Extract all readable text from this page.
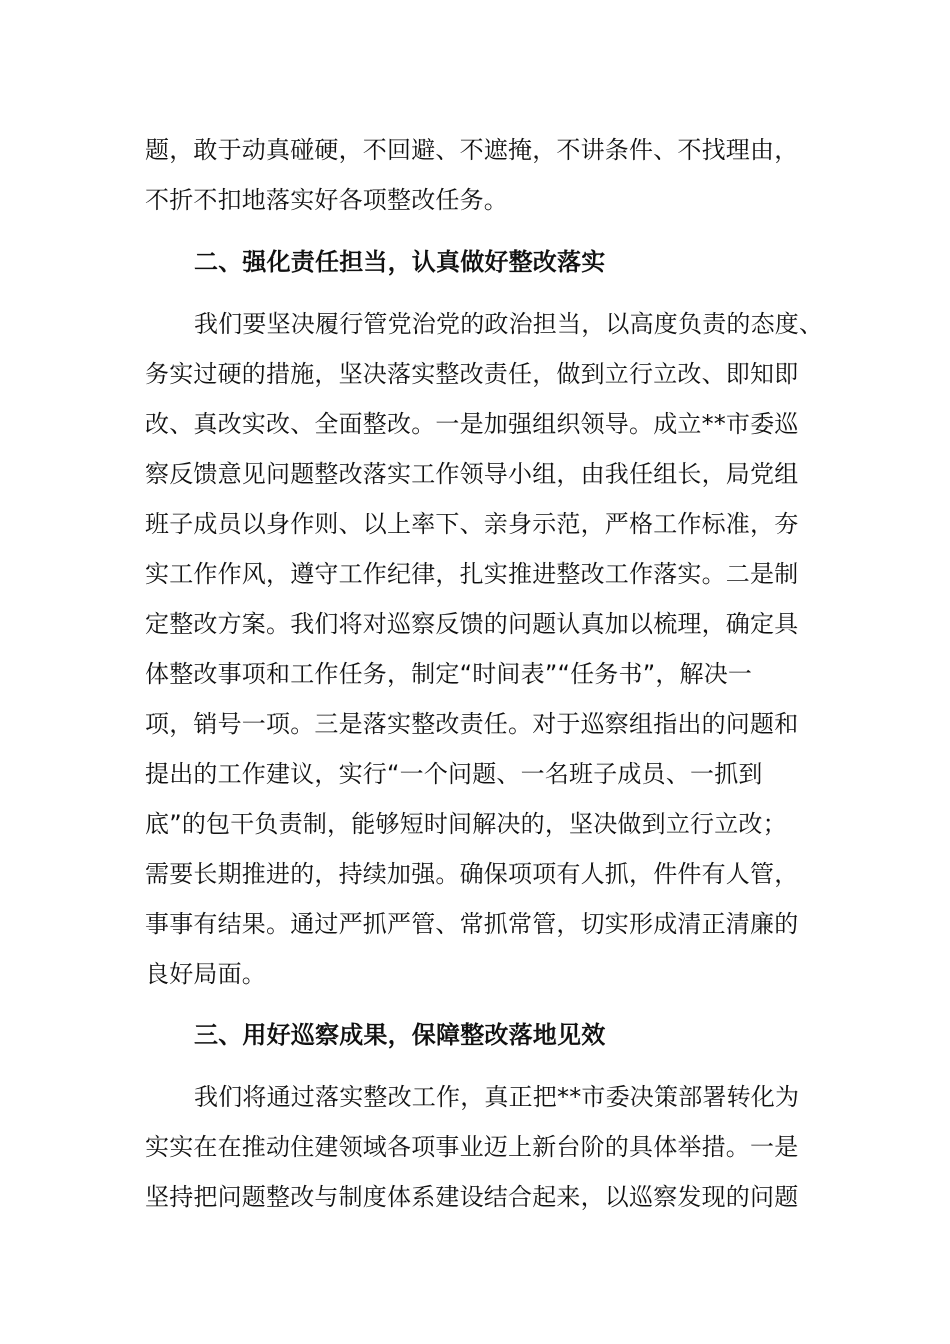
题，敢于动真碰硬，不回避、不遮掩，不讲条件、不找理由，
不折不扣地落实好各项整改任务。
二、强化责任担当，认真做好整改落实
我们要坚决履行管党治党的政治担当，以高度负责的态度、
务实过硬的措施，坚决落实整改责任，做到立行立改、即知即
改、真改实改、全面整改。一是加强组织领导。成立**市委巡
察反馈意见问题整改落实工作领导小组，由我任组长，局党组
班子成员以身作则、以上率下、亲身示范，严格工作标准，夯
实工作作风，遵守工作纪律，扎实推进整改工作落实。二是制
定整改方案。我们将对巡察反馈的问题认真加以梳理，确定具
体整改事项和工作任务，制定“时间表”“任务书”，解决一
项，销号一项。三是落实整改责任。对于巡察组指出的问题和
提出的工作建议，实行“一个问题、一名班子成员、一抓到
底”的包干负责制，能够短时间解决的，坚决做到立行立改；
需要长期推进的，持续加强。确保项项有人抓，件件有人管，
事事有结果。通过严抓严管、常抓常管，切实形成清正清廉的
良好局面。
三、用好巡察成果，保障整改落地见效
我们将通过落实整改工作，真正把**市委决策部署转化为
实实在在推动住建领域各项事业迈上新台阶的具体举措。一是
坚持把问题整改与制度体系建设结合起来，以巡察发现的问题
